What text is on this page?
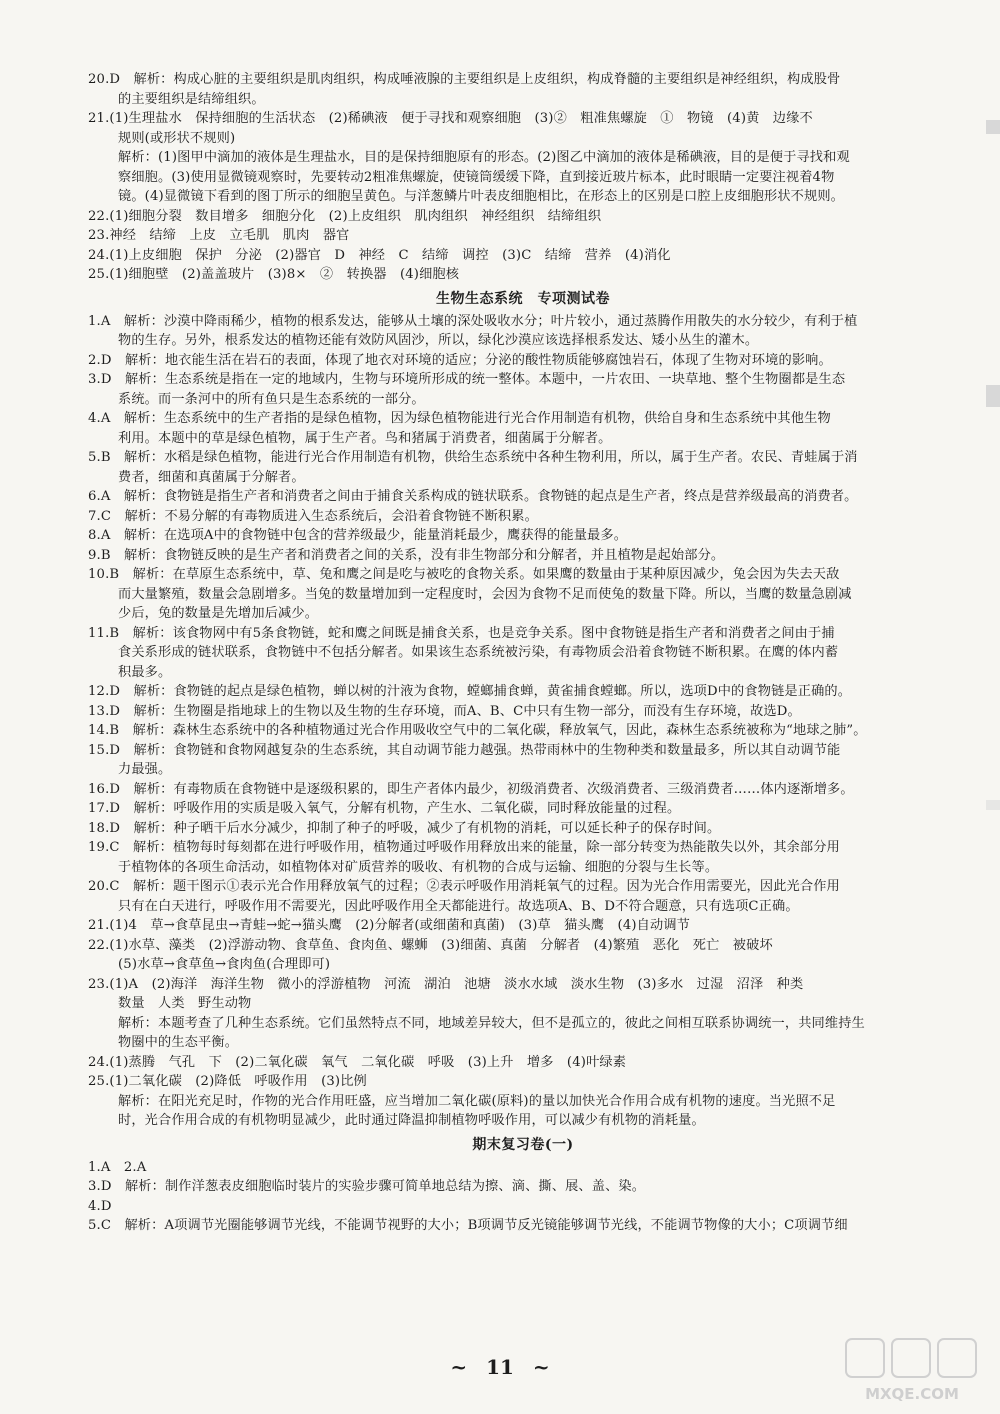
20.D　解析：构成心脏的主要组织是肌肉组织，构成唾液腺的主要组织是上皮组织，构成脊髓的主要组织是神经组织，构成股骨
的主要组织是结缔组织。
21.(1)生理盐水　保持细胞的生活状态　(2)稀碘液　便于寻找和观察细胞　(3)②　粗准焦螺旋　①　物镜　(4)黄　边缘不
规则(或形状不规则)
解析：(1)图甲中滴加的液体是生理盐水，目的是保持细胞原有的形态。(2)图乙中滴加的液体是稀碘液，目的是便于寻找和观
察细胞。(3)使用显微镜观察时，先要转动2粗准焦螺旋，使镜筒缓缓下降，直到接近玻片标本，此时眼睛一定要注视着4物
镜。(4)显微镜下看到的图丁所示的细胞呈黄色。与洋葱鳞片叶表皮细胞相比，在形态上的区别是口腔上皮细胞形状不规则。
22.(1)细胞分裂　数目增多　细胞分化　(2)上皮组织　肌肉组织　神经组织　结缔组织
23.神经　结缔　上皮　立毛肌　肌肉　器官
24.(1)上皮细胞　保护　分泌　(2)器官　D　神经　C　结缔　调控　(3)C　结缔　营养　(4)消化
25.(1)细胞壁　(2)盖盖玻片　(3)8×　②　转换器　(4)细胞核
生物生态系统　专项测试卷
1.A　解析：沙漠中降雨稀少，植物的根系发达，能够从土壤的深处吸收水分；叶片较小，通过蒸腾作用散失的水分较少，有利于植
物的生存。另外，根系发达的植物还能有效防风固沙，所以，绿化沙漠应该选择根系发达、矮小丛生的灌木。
2.D　解析：地衣能生活在岩石的表面，体现了地衣对环境的适应；分泌的酸性物质能够腐蚀岩石，体现了生物对环境的影响。
3.D　解析：生态系统是指在一定的地域内，生物与环境所形成的统一整体。本题中，一片农田、一块草地、整个生物圈都是生态
系统。而一条河中的所有鱼只是生态系统的一部分。
4.A　解析：生态系统中的生产者指的是绿色植物，因为绿色植物能进行光合作用制造有机物，供给自身和生态系统中其他生物
利用。本题中的草是绿色植物，属于生产者。鸟和猪属于消费者，细菌属于分解者。
5.B　解析：水稻是绿色植物，能进行光合作用制造有机物，供给生态系统中各种生物利用，所以，属于生产者。农民、青蛙属于消
费者，细菌和真菌属于分解者。
6.A　解析：食物链是指生产者和消费者之间由于捕食关系构成的链状联系。食物链的起点是生产者，终点是营养级最高的消费者。
7.C　解析：不易分解的有毒物质进入生态系统后，会沿着食物链不断积累。
8.A　解析：在选项A中的食物链中包含的营养级最少，能量消耗最少，鹰获得的能量最多。
9.B　解析：食物链反映的是生产者和消费者之间的关系，没有非生物部分和分解者，并且植物是起始部分。
10.B　解析：在草原生态系统中，草、兔和鹰之间是吃与被吃的食物关系。如果鹰的数量由于某种原因减少，兔会因为失去天敌
而大量繁殖，数量会急剧增多。当兔的数量增加到一定程度时，会因为食物不足而使兔的数量下降。所以，当鹰的数量急剧减
少后，兔的数量是先增加后减少。
11.B　解析：该食物网中有5条食物链，蛇和鹰之间既是捕食关系，也是竞争关系。图中食物链是指生产者和消费者之间由于捕
食关系形成的链状联系，食物链中不包括分解者。如果该生态系统被污染，有毒物质会沿着食物链不断积累。在鹰的体内蓄
积最多。
12.D　解析：食物链的起点是绿色植物，蝉以树的汁液为食物，螳螂捕食蝉，黄雀捕食螳螂。所以，选项D中的食物链是正确的。
13.D　解析：生物圈是指地球上的生物以及生物的生存环境，而A、B、C中只有生物一部分，而没有生存环境，故选D。
14.B　解析：森林生态系统中的各种植物通过光合作用吸收空气中的二氧化碳，释放氧气，因此，森林生态系统被称为“地球之肺”。
15.D　解析：食物链和食物网越复杂的生态系统，其自动调节能力越强。热带雨林中的生物种类和数量最多，所以其自动调节能
力最强。
16.D　解析：有毒物质在食物链中是逐级积累的，即生产者体内最少，初级消费者、次级消费者、三级消费者……体内逐渐增多。
17.D　解析：呼吸作用的实质是吸入氧气，分解有机物，产生水、二氧化碳，同时释放能量的过程。
18.D　解析：种子晒干后水分减少，抑制了种子的呼吸，减少了有机物的消耗，可以延长种子的保存时间。
19.C　解析：植物每时每刻都在进行呼吸作用，植物通过呼吸作用释放出来的能量，除一部分转变为热能散失以外，其余部分用
于植物体的各项生命活动，如植物体对矿质营养的吸收、有机物的合成与运输、细胞的分裂与生长等。
20.C　解析：题干图示①表示光合作用释放氧气的过程；②表示呼吸作用消耗氧气的过程。因为光合作用需要光，因此光合作用
只有在白天进行，呼吸作用不需要光，因此呼吸作用全天都能进行。故选项A、B、D不符合题意，只有选项C正确。
21.(1)4　草→食草昆虫→青蛙→蛇→猫头鹰　(2)分解者(或细菌和真菌)　(3)草　猫头鹰　(4)自动调节
22.(1)水草、藻类　(2)浮游动物、食草鱼、食肉鱼、螺蛳　(3)细菌、真菌　分解者　(4)繁殖　恶化　死亡　被破坏
(5)水草→食草鱼→食肉鱼(合理即可)
23.(1)A　(2)海洋　海洋生物　微小的浮游植物　河流　湖泊　池塘　淡水水域　淡水生物　(3)多水　过湿　沼泽　种类
数量　人类　野生动物
解析：本题考查了几种生态系统。它们虽然特点不同，地域差异较大，但不是孤立的，彼此之间相互联系协调统一，共同维持生
物圈中的生态平衡。
24.(1)蒸腾　气孔　下　(2)二氧化碳　氧气　二氧化碳　呼吸　(3)上升　增多　(4)叶绿素
25.(1)二氧化碳　(2)降低　呼吸作用　(3)比例
解析：在阳光充足时，作物的光合作用旺盛，应当增加二氧化碳(原料)的量以加快光合作用合成有机物的速度。当光照不足
时，光合作用合成的有机物明显减少，此时通过降温抑制植物呼吸作用，可以减少有机物的消耗量。
期末复习卷(一)
1.A　2.A
3.D　解析：制作洋葱表皮细胞临时装片的实验步骤可简单地总结为擦、滴、撕、展、盖、染。
4.D
5.C　解析：A项调节光圈能够调节光线，不能调节视野的大小；B项调节反光镜能够调节光线，不能调节物像的大小；C项调节细
~ 11 ~
MXQE.COM
